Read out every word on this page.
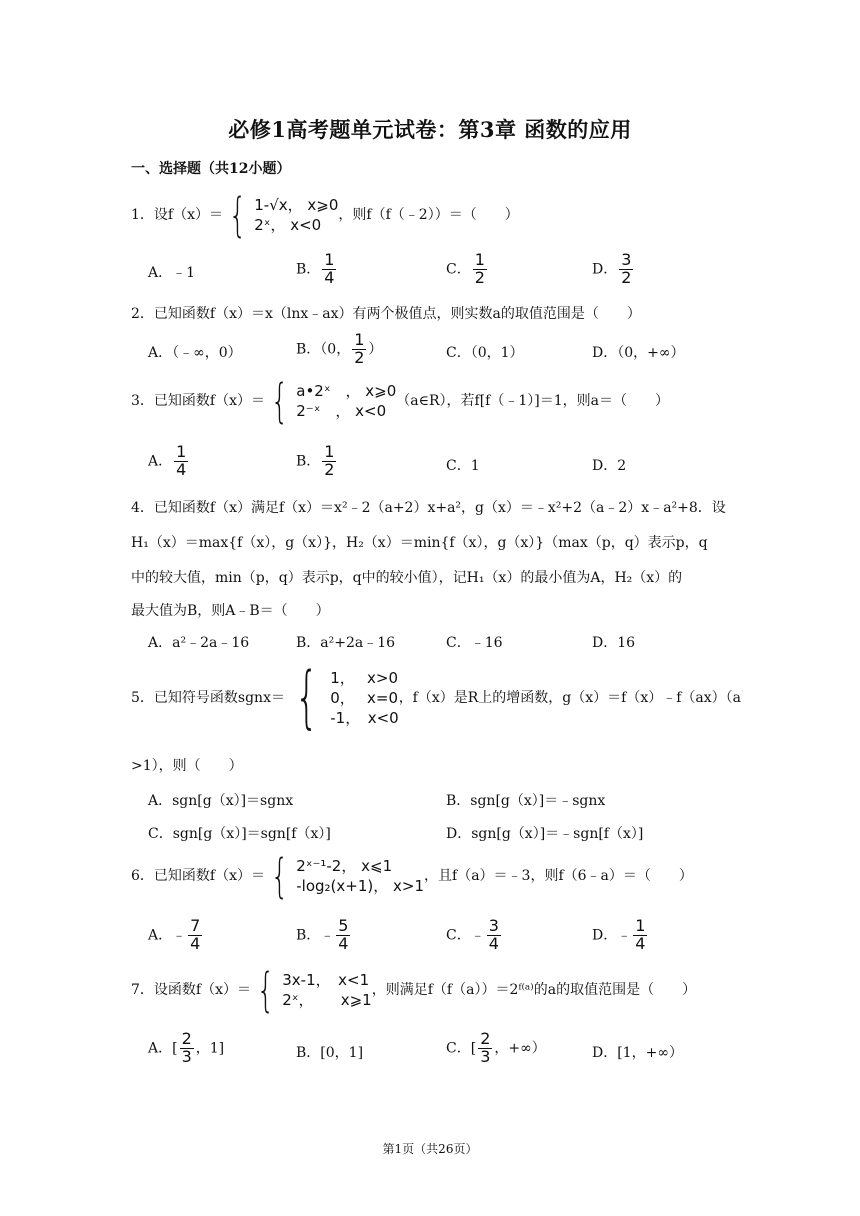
必修1高考题单元试卷：第3章 函数的应用
一、选择题（共12小题）
1．设f（x）＝ { 1-√x， x⩾0
2ˣ， x<0
，则f（f（﹣2））＝（　　）
A．﹣1	B． $\frac{1}{4}$	C． $\frac{1}{2}$	D． $\frac{3}{2}$
2．已知函数f（x）＝x（lnx﹣ax）有两个极值点，则实数a的取值范围是（　　）
A．（﹣∞，0）	B．（0， $\frac{1}{2}$ ）	C．（0，1）	D．（0，+∞）
3．已知函数f（x）＝ { a•2ˣ　， x⩾0
2⁻ˣ　， x<0
（a∈R），若f[f（﹣1）]＝1，则a＝（　　）
A． $\frac{1}{4}$	B． $\frac{1}{2}$	C．1	D．2
4．已知函数f（x）满足f（x）＝x²﹣2（a+2）x+a²，g（x）＝﹣x²+2（a﹣2）x﹣a²+8．设
H₁（x）＝max{f（x），g（x）}，H₂（x）＝min{f（x），g（x）}（max（p，q）表示p，q
中的较大值，min（p，q）表示p，q中的较小值），记H₁（x）的最小值为A，H₂（x）的
最大值为B，则A﹣B＝（　　）
A．a²﹣2a﹣16	B．a²+2a﹣16	C．﹣16	D．16
5．已知符号函数sgnx＝ { 1，　 x>0
0，　 x=0
-1，　x<0
，f（x）是R上的增函数，g（x）＝f（x）﹣f（ax）（a
>1），则（　　）
A．sgn[g（x）]＝sgnx	B．sgn[g（x）]＝﹣sgnx
C．sgn[g（x）]＝sgn[f（x）]	D．sgn[g（x）]＝﹣sgn[f（x）]
6．已知函数f（x）＝ { 2ˣ⁻¹-2， x⩽1
-log₂(x+1)， x>1
，且f（a）＝﹣3，则f（6﹣a）＝（　　）
A．﹣ $\frac{7}{4}$	B．﹣ $\frac{5}{4}$	C．﹣ $\frac{3}{4}$	D．﹣ $\frac{1}{4}$
7．设函数f（x）＝ { 3x-1，　x<1
2ˣ，　　 x⩾1
，则满足f（f（a））＝2ᶠ⁽ᵃ⁾的a的取值范围是（　　）
A．[ $\frac{2}{3}$ ，1]	B．[0，1]	C．[ $\frac{2}{3}$ ，+∞）	D．[1，+∞）
第1页（共26页）
